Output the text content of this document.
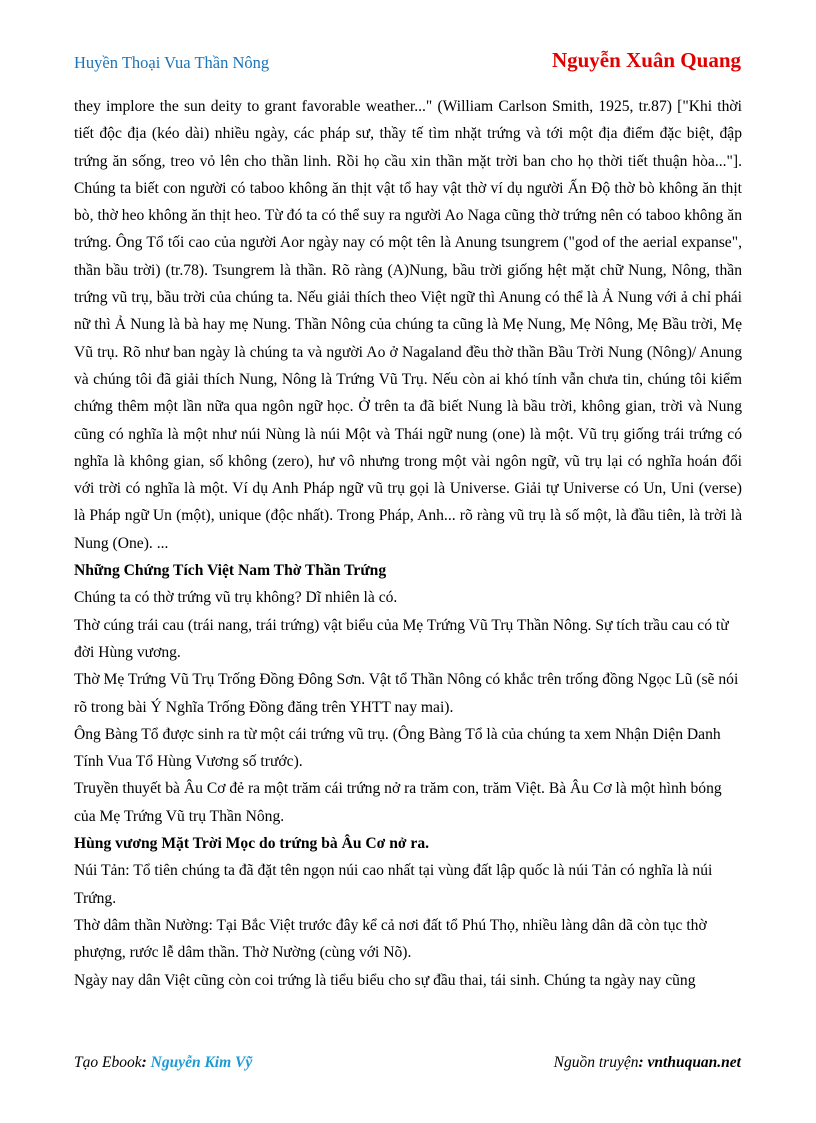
Huyền Thoại Vua Thần Nông	Nguyễn Xuân Quang

they implore the sun deity to grant favorable weather..." (William Carlson Smith, 1925, tr.87) ["Khi thời tiết độc địa (kéo dài) nhiều ngày, các pháp sư, thầy tế tìm nhặt trứng và tới một địa điểm đặc biệt, đập trứng ăn sống, treo vỏ lên cho thần linh. Rồi họ cầu xin thần mặt trời ban cho họ thời tiết thuận hòa..."]. Chúng ta biết con người có taboo không ăn thịt vật tổ hay vật thờ ví dụ người Ấn Độ thờ bò không ăn thịt bò, thờ heo không ăn thịt heo. Từ đó ta có thể suy ra người Ao Naga cũng thờ trứng nên có taboo không ăn trứng. Ông Tổ tối cao của người Aor ngày nay có một tên là Anung tsungrem ("god of the aerial expanse", thần bầu trời) (tr.78). Tsungrem là thần. Rõ ràng (A)Nung, bầu trời giống hệt mặt chữ Nung, Nông, thần trứng vũ trụ, bầu trời của chúng ta. Nếu giải thích theo Việt ngữ thì Anung có thể là Ả Nung với ả chỉ phái nữ thì Ả Nung là bà hay mẹ Nung. Thần Nông của chúng ta cũng là Mẹ Nung, Mẹ Nông, Mẹ Bầu trời, Mẹ Vũ trụ. Rõ như ban ngày là chúng ta và người Ao ở Nagaland đều thờ thần Bầu Trời Nung (Nông)/ Anung và chúng tôi đã giải thích Nung, Nông là Trứng Vũ Trụ. Nếu còn ai khó tính vẫn chưa tin, chúng tôi kiểm chứng thêm một lần nữa qua ngôn ngữ học. Ở trên ta đã biết Nung là bầu trời, không gian, trời và Nung cũng có nghĩa là một như núi Nùng là núi Một và Thái ngữ nung (one) là một. Vũ trụ giống trái trứng có nghĩa là không gian, số không (zero), hư vô nhưng trong một vài ngôn ngữ, vũ trụ lại có nghĩa hoán đổi với trời có nghĩa là một. Ví dụ Anh Pháp ngữ vũ trụ gọi là Universe. Giải tự Universe có Un, Uni (verse) là Pháp ngữ Un (một), unique (độc nhất). Trong Pháp, Anh... rõ ràng vũ trụ là số một, là đầu tiên, là trời là Nung (One). ...

Những Chứng Tích Việt Nam Thờ Thần Trứng

Chúng ta có thờ trứng vũ trụ không? Dĩ nhiên là có.

Thờ cúng trái cau (trái nang, trái trứng) vật biểu của Mẹ Trứng Vũ Trụ Thần Nông. Sự tích trầu cau có từ đời Hùng vương.

Thờ Mẹ Trứng Vũ Trụ Trống Đồng Đông Sơn. Vật tổ Thần Nông có khắc trên trống đồng Ngọc Lũ (sẽ nói rõ trong bài Ý Nghĩa Trống Đồng đăng trên YHTT nay mai).

Ông Bàng Tổ được sinh ra từ một cái trứng vũ trụ. (Ông Bàng Tổ là của chúng ta xem Nhận Diện Danh Tính Vua Tổ Hùng Vương số trước).

Truyền thuyết bà Âu Cơ đẻ ra một trăm cái trứng nở ra trăm con, trăm Việt. Bà Âu Cơ là một hình bóng của Mẹ Trứng Vũ trụ Thần Nông.

Hùng vương Mặt Trời Mọc do trứng bà Âu Cơ nở ra.

Núi Tản: Tổ tiên chúng ta đã đặt tên ngọn núi cao nhất tại vùng đất lập quốc là núi Tản có nghĩa là núi Trứng.

Thờ dâm thần Nường: Tại Bắc Việt trước đây kể cả nơi đất tổ Phú Thọ, nhiều làng dân dã còn tục thờ phượng, rước lễ dâm thần. Thờ Nường (cùng với Nõ).

Ngày nay dân Việt cũng còn coi trứng là tiểu biểu cho sự đầu thai, tái sinh. Chúng ta ngày nay cũng

Tạo Ebook: Nguyễn Kim Vỹ	Nguồn truyện: vnthuquan.net
